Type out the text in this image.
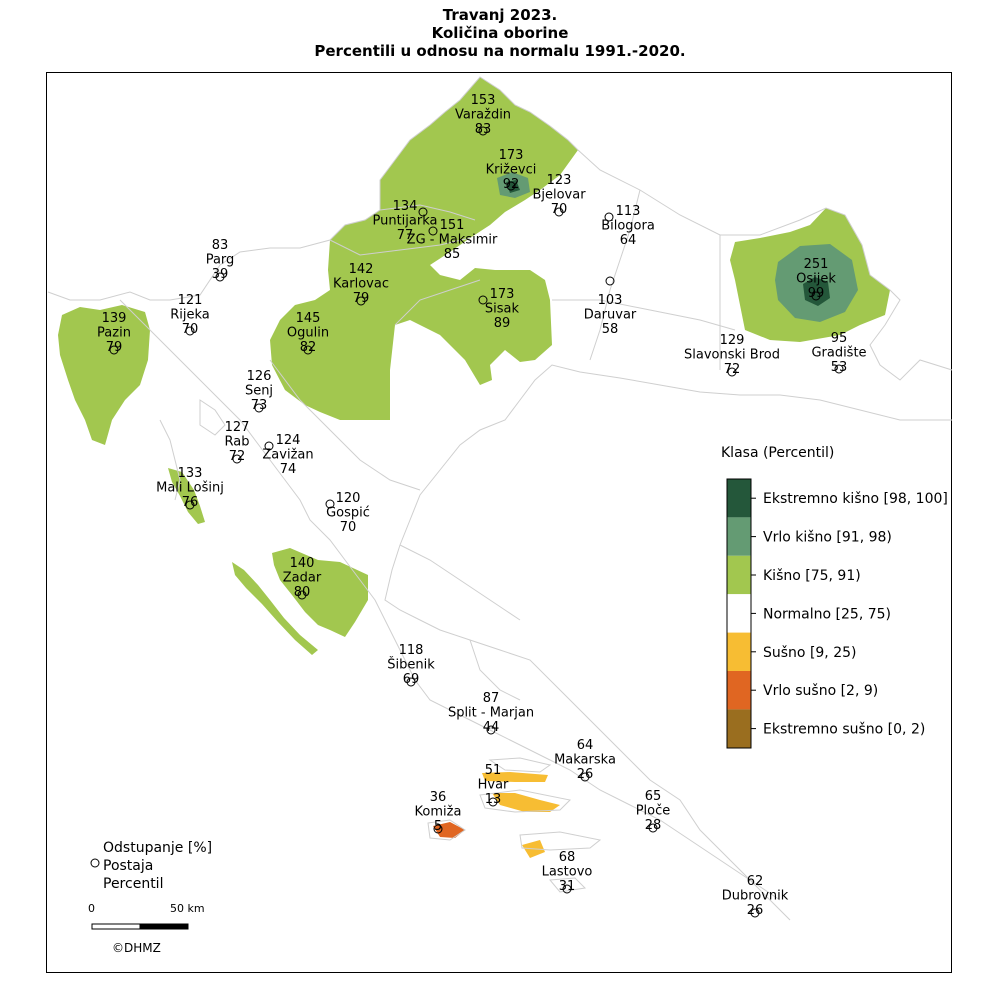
Travanj 2023.
Količina oborine
Percentili u odnosu na normalu 1991.-2020.
153
Varaždin
83
173
Križevci
92 123
Bjelovar
70	113
Bilogora
64
134
Puntijarka
77
151
ZG - Maksimir
85
83
Parg
39	142
Karlovac
79	173
Sisak
89
103
Daruvar
58
251
Osijek
99
121
Rijeka
70
139
Pazin
79
145
Ogulin
82	129
Slavonski Brod
72
95
Gradište
53
126
Senj
73
127
Rab
72
124
Zavižan
74
133
Mali Lošinj
76	120
Gospić
70
140
Zadar
80
118
Šibenik
69
87
Split - Marjan
44
64
Makarska
26
51
Hvar
13
36
Komiža
5
65
Ploče
28
68
Lastovo
31	62
Dubrovnik
26
Klasa (Percentil)
Ekstremno kišno [98, 100]
Vrlo kišno [91, 98)
Kišno [75, 91)
Normalno [25, 75)
Sušno [9, 25)
Vrlo sušno [2, 9)
Ekstremno sušno [0, 2)
Odstupanje [%]
Postaja
Percentil
0	50 km
©DHMZ
